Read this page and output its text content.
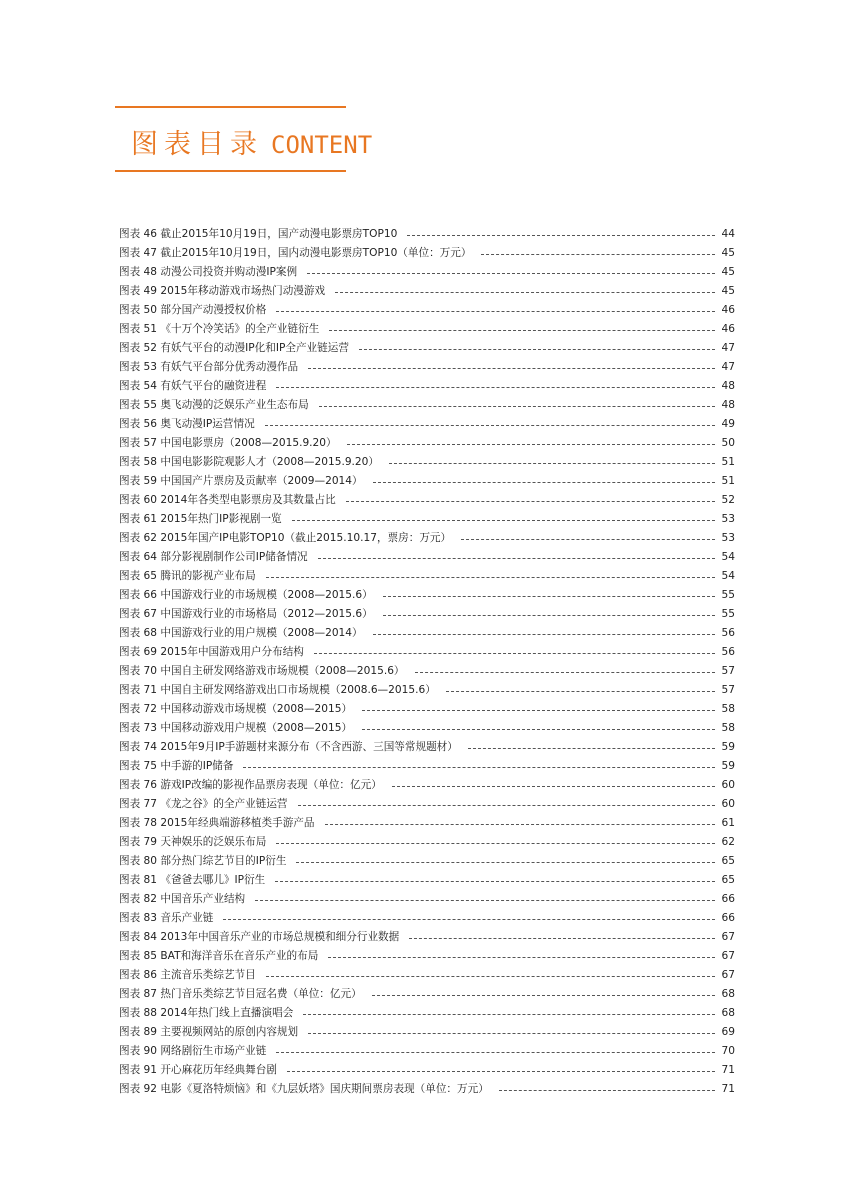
图表目录 CONTENT
图表 46 截止2015年10月19日，国产动漫电影票房TOP10	44
图表 47 截止2015年10月19日，国内动漫电影票房TOP10（单位：万元）	45
图表 48 动漫公司投资并购动漫IP案例	45
图表 49 2015年移动游戏市场热门动漫游戏	45
图表 50 部分国产动漫授权价格	46
图表 51 《十万个冷笑话》的全产业链衍生	46
图表 52 有妖气平台的动漫IP化和IP全产业链运营	47
图表 53 有妖气平台部分优秀动漫作品	47
图表 54 有妖气平台的融资进程	48
图表 55 奥飞动漫的泛娱乐产业生态布局	48
图表 56 奥飞动漫IP运营情况	49
图表 57 中国电影票房（2008—2015.9.20）	50
图表 58 中国电影影院观影人才（2008—2015.9.20）	51
图表 59 中国国产片票房及贡献率（2009—2014）	51
图表 60 2014年各类型电影票房及其数量占比	52
图表 61 2015年热门IP影视剧一览	53
图表 62 2015年国产IP电影TOP10（截止2015.10.17，票房：万元）	53
图表 64 部分影视剧制作公司IP储备情况	54
图表 65 腾讯的影视产业布局	54
图表 66 中国游戏行业的市场规模（2008—2015.6）	55
图表 67 中国游戏行业的市场格局（2012—2015.6）	55
图表 68 中国游戏行业的用户规模（2008—2014）	56
图表 69 2015年中国游戏用户分布结构	56
图表 70 中国自主研发网络游戏市场规模（2008—2015.6）	57
图表 71 中国自主研发网络游戏出口市场规模（2008.6—2015.6）	57
图表 72 中国移动游戏市场规模（2008—2015）	58
图表 73 中国移动游戏用户规模（2008—2015）	58
图表 74 2015年9月IP手游题材来源分布（不含西游、三国等常规题材）	59
图表 75 中手游的IP储备	59
图表 76 游戏IP改编的影视作品票房表现（单位：亿元）	60
图表 77 《龙之谷》的全产业链运营	60
图表 78 2015年经典端游移植类手游产品	61
图表 79 天神娱乐的泛娱乐布局	62
图表 80 部分热门综艺节目的IP衍生	65
图表 81 《爸爸去哪儿》IP衍生	65
图表 82 中国音乐产业结构	66
图表 83 音乐产业链	66
图表 84 2013年中国音乐产业的市场总规模和细分行业数据	67
图表 85 BAT和海洋音乐在音乐产业的布局	67
图表 86 主流音乐类综艺节目	67
图表 87 热门音乐类综艺节目冠名费（单位：亿元）	68
图表 88 2014年热门线上直播演唱会	68
图表 89 主要视频网站的原创内容规划	69
图表 90 网络剧衍生市场产业链	70
图表 91 开心麻花历年经典舞台剧	71
图表 92 电影《夏洛特烦恼》和《九层妖塔》国庆期间票房表现（单位：万元）	71
